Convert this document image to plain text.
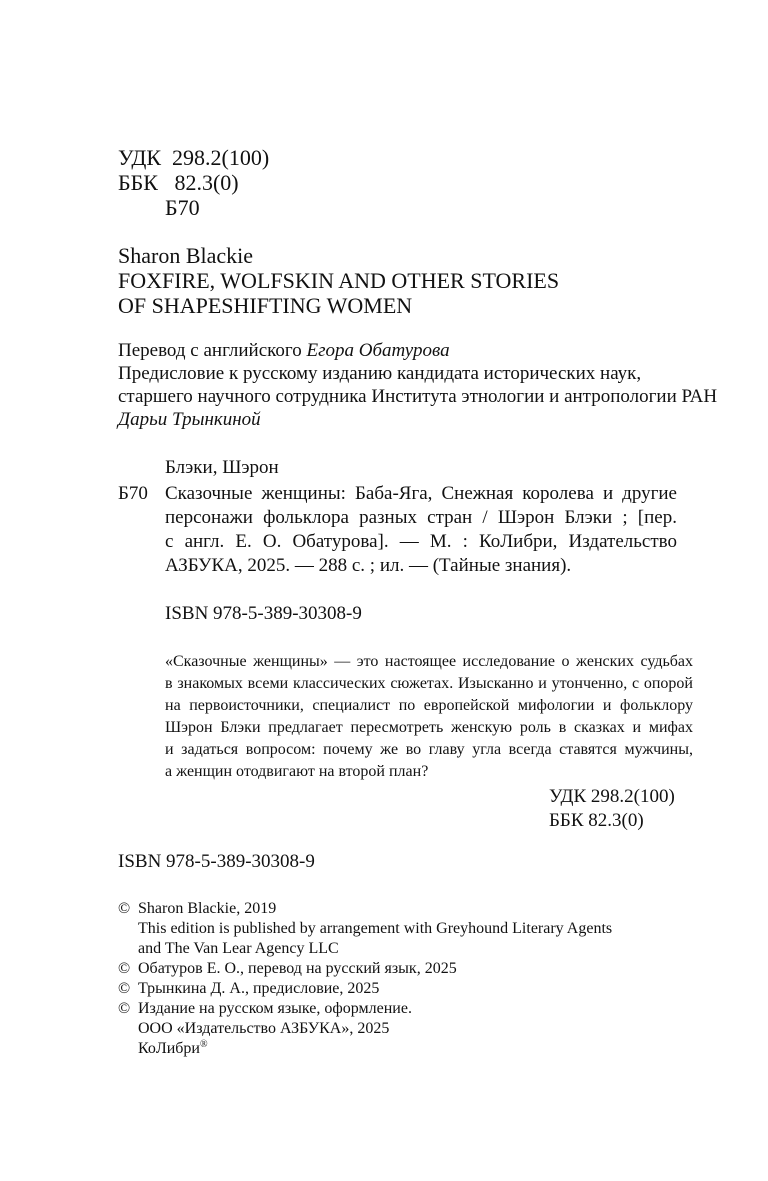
УДК 298.2(100)
ББК 82.3(0)
Б70
Sharon Blackie
FOXFIRE, WOLFSKIN AND OTHER STORIES
OF SHAPESHIFTING WOMEN
Перевод с английского Егора Обатурова
Предисловие к русскому изданию кандидата исторических наук,
старшего научного сотрудника Института этнологии и антропологии РАН
Дарьи Трынкиной
Блэки, Шэрон
Б70 Сказочные женщины: Баба-Яга, Снежная королева и другие
персонажи фольклора разных стран / Шэрон Блэки ; [пер.
с англ. Е. О. Обатурова]. — М. : КоЛибри, Издательство
АЗБУКА, 2025. — 288 с. ; ил. — (Тайные знания).
ISBN 978-5-389-30308-9
«Сказочные женщины» — это настоящее исследование о женских судьбах
в знакомых всеми классических сюжетах. Изысканно и утонченно, с опорой
на первоисточники, специалист по европейской мифологии и фольклору
Шэрон Блэки предлагает пересмотреть женскую роль в сказках и мифах
и задаться вопросом: почему же во главу угла всегда ставятся мужчины,
а женщин отодвигают на второй план?
УДК 298.2(100)
ББК 82.3(0)
ISBN 978-5-389-30308-9
© Sharon Blackie, 2019
This edition is published by arrangement with Greyhound Literary Agents
and The Van Lear Agency LLC
© Обатуров Е. О., перевод на русский язык, 2025
© Трынкина Д. А., предисловие, 2025
© Издание на русском языке, оформление.
ООО «Издательство АЗБУКА», 2025
КоЛибри®
